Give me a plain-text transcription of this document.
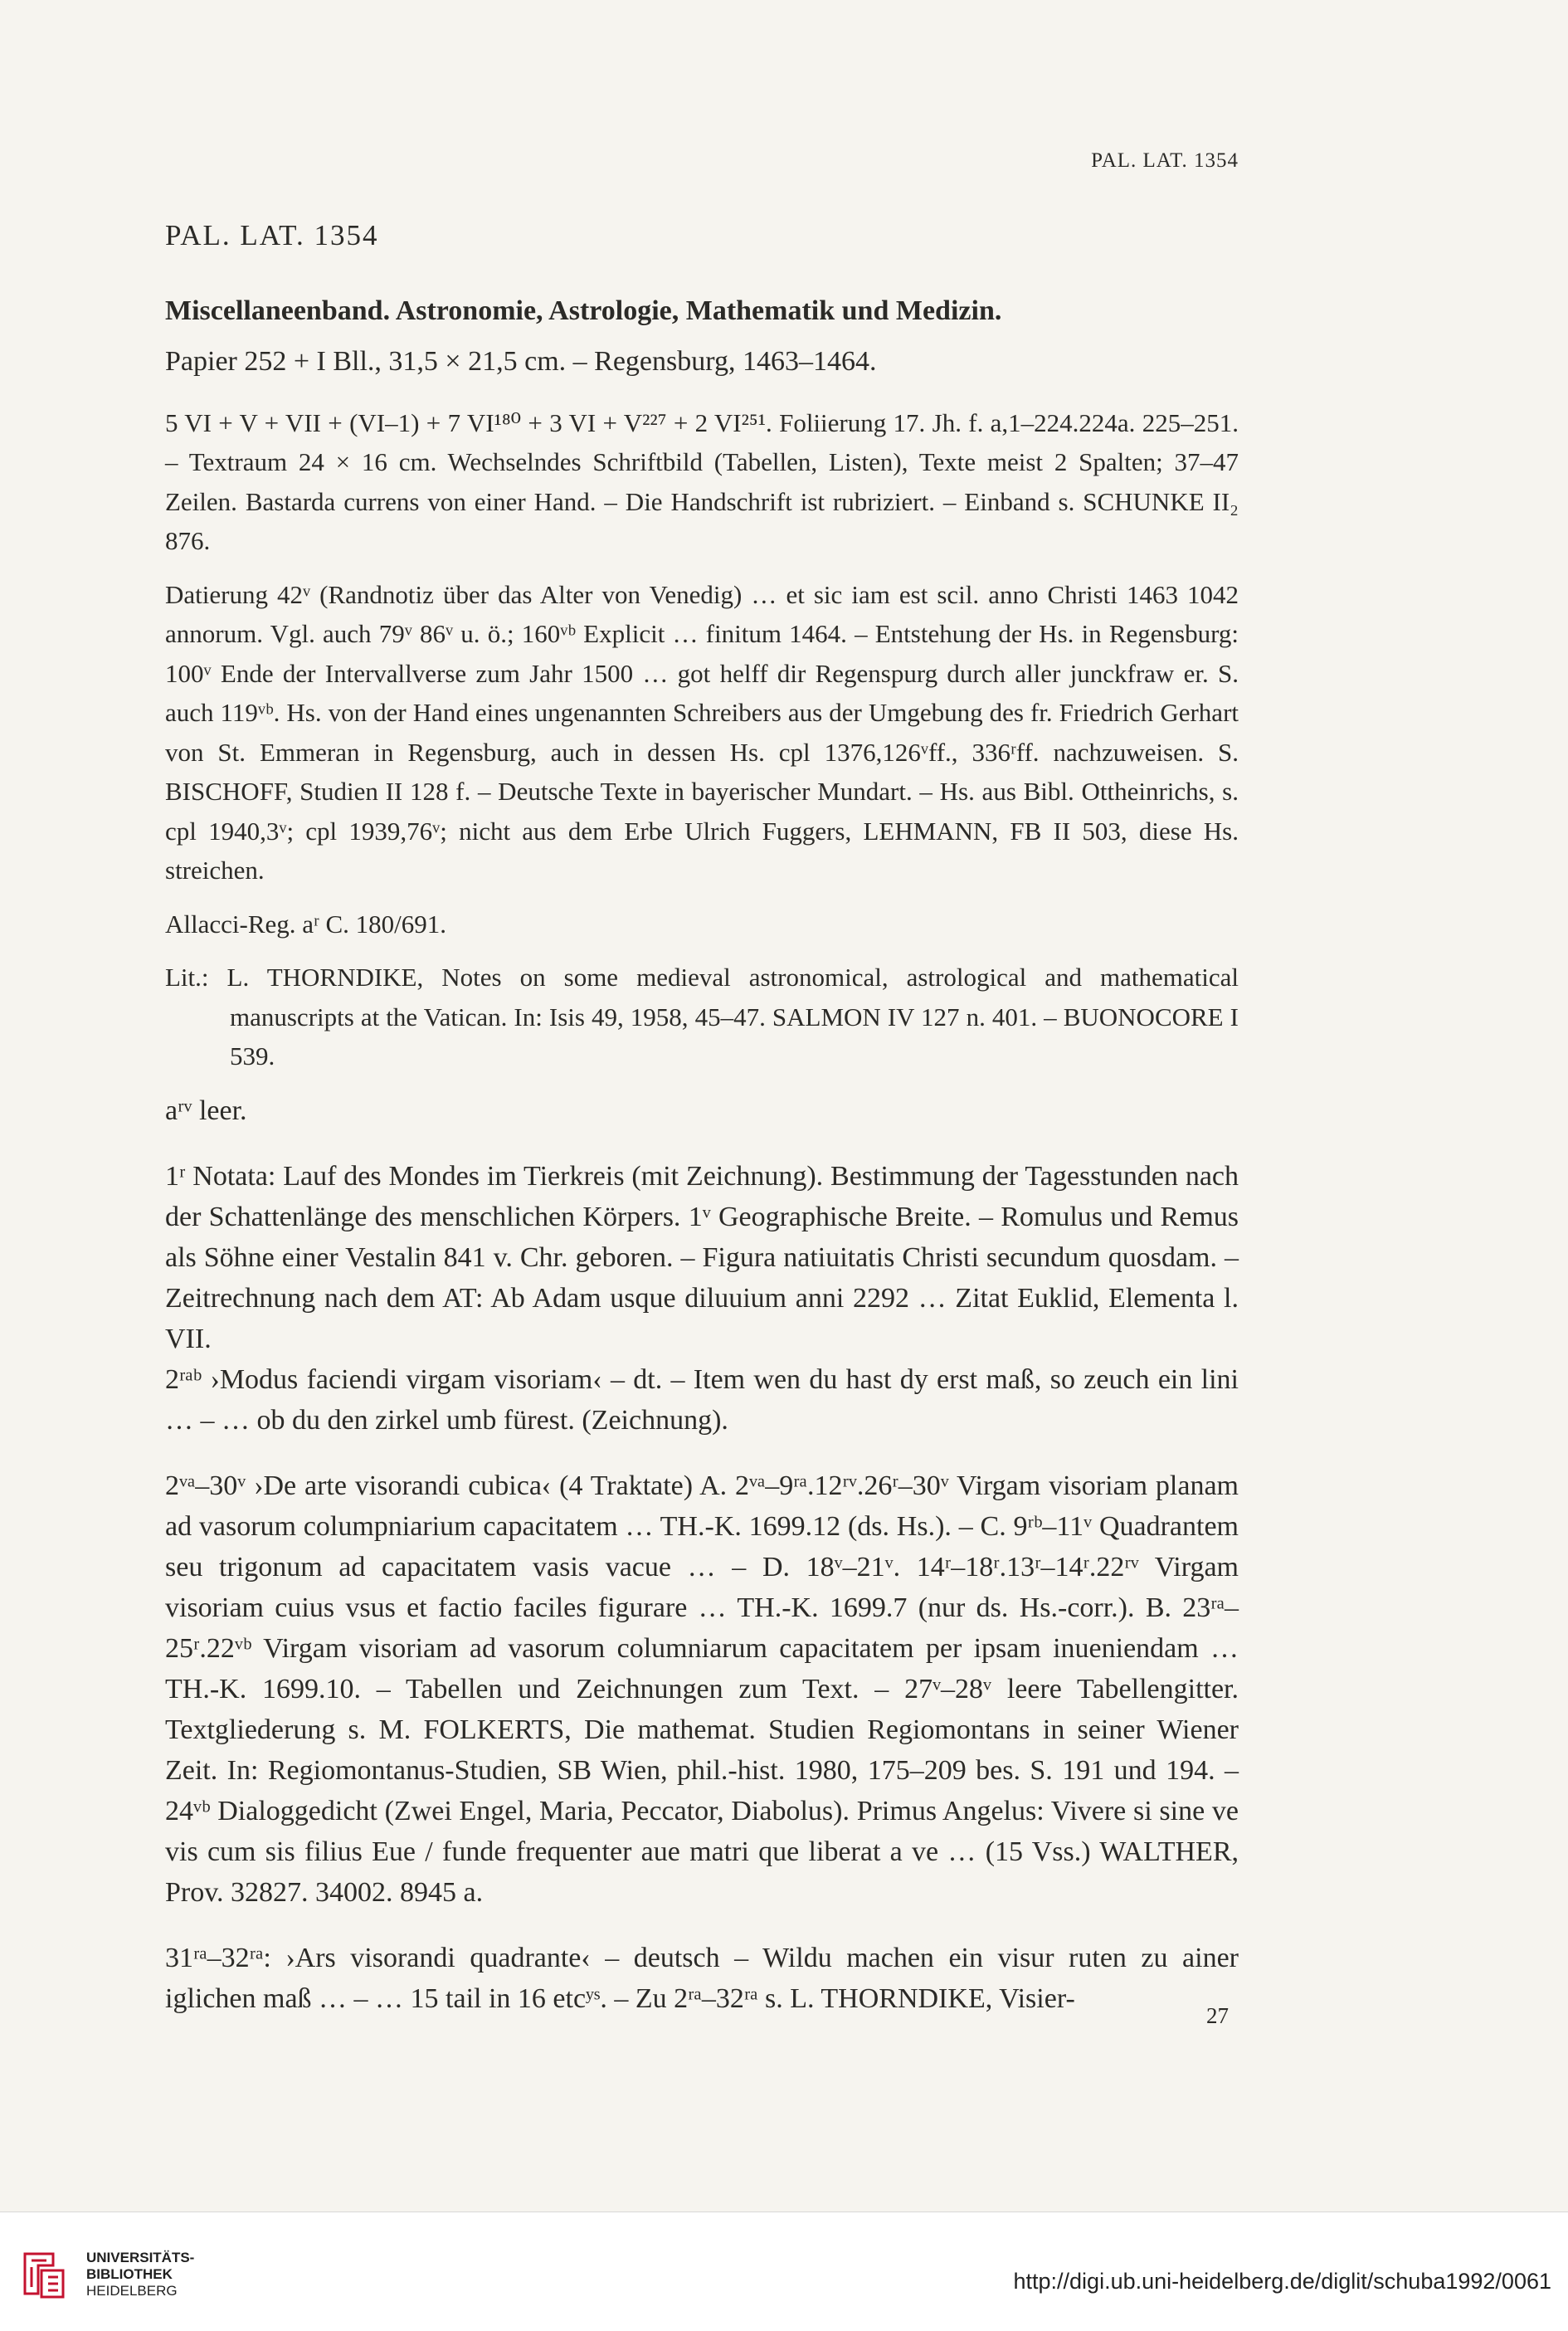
PAL. LAT. 1354

PAL. LAT. 1354

Miscellaneenband. Astronomie, Astrologie, Mathematik und Medizin.

Papier 252 + I Bll., 31,5 × 21,5 cm. – Regensburg, 1463–1464.

5 VI + V + VII + (VI–1) + 7 VI¹⁸⁰ + 3 VI + V²²⁷ + 2 VI²⁵¹. Foliierung 17. Jh. f. a,1–224.224a. 225–251. – Textraum 24 × 16 cm. Wechselndes Schriftbild (Tabellen, Listen), Texte meist 2 Spalten; 37–47 Zeilen. Bastarda currens von einer Hand. – Die Handschrift ist rubriziert. – Einband s. SCHUNKE II₂ 876.

Datierung 42ᵛ (Randnotiz über das Alter von Venedig) … et sic iam est scil. anno Christi 1463 1042 annorum. Vgl. auch 79ᵛ 86ᵛ u. ö.; 160ᵛᵇ Explicit … finitum 1464. – Entstehung der Hs. in Regensburg: 100ᵛ Ende der Intervallverse zum Jahr 1500 … got helff dir Regenspurg durch aller junckfraw er. S. auch 119ᵛᵇ. Hs. von der Hand eines ungenannten Schreibers aus der Umgebung des fr. Friedrich Gerhart von St. Emmeran in Regensburg, auch in dessen Hs. cpl 1376,126ᵛff., 336ʳff. nachzuweisen. S. BISCHOFF, Studien II 128 f. – Deutsche Texte in bayerischer Mundart. – Hs. aus Bibl. Ottheinrichs, s. cpl 1940,3ᵛ; cpl 1939,76ᵛ; nicht aus dem Erbe Ulrich Fuggers, LEHMANN, FB II 503, diese Hs. streichen.

Allacci-Reg. aʳ C. 180/691.

Lit.: L. THORNDIKE, Notes on some medieval astronomical, astrological and mathematical manuscripts at the Vatican. In: Isis 49, 1958, 45–47. SALMON IV 127 n. 401. – BUONOCORE I 539.

aʳᵛ leer.

1ʳ Notata: Lauf des Mondes im Tierkreis (mit Zeichnung). Bestimmung der Tagesstunden nach der Schattenlänge des menschlichen Körpers. 1ᵛ Geographische Breite. – Romulus und Remus als Söhne einer Vestalin 841 v. Chr. geboren. – Figura natiuitatis Christi secundum quosdam. – Zeitrechnung nach dem AT: Ab Adam usque diluuium anni 2292 … Zitat Euklid, Elementa l. VII.

2ʳᵃᵇ ›Modus faciendi virgam visoriam‹ – dt. – Item wen du hast dy erst maß, so zeuch ein lini … – … ob du den zirkel umb fürest. (Zeichnung).

2ᵛᵃ–30ᵛ ›De arte visorandi cubica‹ (4 Traktate) A. 2ᵛᵃ–9ʳᵃ.12ʳᵛ.26ʳ–30ᵛ Virgam visoriam planam ad vasorum columpniarium capacitatem … TH.-K. 1699.12 (ds. Hs.). – C. 9ʳᵇ–11ᵛ Quadrantem seu trigonum ad capacitatem vasis vacue … – D. 18ᵛ–21ᵛ. 14ʳ–18ʳ.13ʳ–14ʳ.22ʳᵛ Virgam visoriam cuius vsus et factio faciles figurare … TH.-K. 1699.7 (nur ds. Hs.-corr.). B. 23ʳᵃ–25ʳ.22ᵛᵇ Virgam visoriam ad vasorum columniarum capacitatem per ipsam inueniendam … TH.-K. 1699.10. – Tabellen und Zeichnungen zum Text. – 27ᵛ–28ᵛ leere Tabellengitter. Textgliederung s. M. FOLKERTS, Die mathemat. Studien Regiomontans in seiner Wiener Zeit. In: Regiomontanus-Studien, SB Wien, phil.-hist. 1980, 175–209 bes. S. 191 und 194. – 24ᵛᵇ Dialoggedicht (Zwei Engel, Maria, Peccator, Diabolus). Primus Angelus: Vivere si sine ve vis cum sis filius Eue / funde frequenter aue matri que liberat a ve … (15 Vss.) WALTHER, Prov. 32827. 34002. 8945 a.

31ʳᵃ–32ʳᵃ: ›Ars visorandi quadrante‹ – deutsch – Wildu machen ein visur ruten zu ainer iglichen maß … – … 15 tail in 16 etcʸˢ. – Zu 2ʳᵃ–32ʳᵃ s. L. THORNDIKE, Visier-

27
UNIVERSITÄTS-
BIBLIOTHEK
HEIDELBERG	http://digi.ub.uni-heidelberg.de/diglit/schuba1992/0061
